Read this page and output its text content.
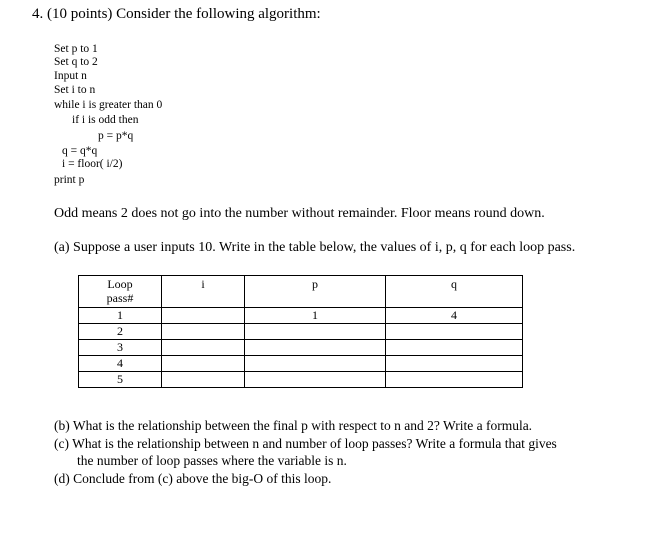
4. (10 points) Consider the following algorithm:
Set p to 1
Set q to 2
Input n
Set i to n
while i is greater than 0
if i is odd then
p = p*q
q = q*q
i = floor( i/2)
print p
Odd means 2 does not go into the number without remainder. Floor means round down.
(a) Suppose a user inputs 10. Write in the table below, the values of i, p, q for each loop pass.
Loop pass#	i	p	q
1		1	4
2			
3			
4			
5			
(b) What is the relationship between the final p with respect to n and 2? Write a formula.
(c) What is the relationship between n and number of loop passes? Write a formula that gives
the number of loop passes where the variable is n.
(d) Conclude from (c) above the big-O of this loop.
